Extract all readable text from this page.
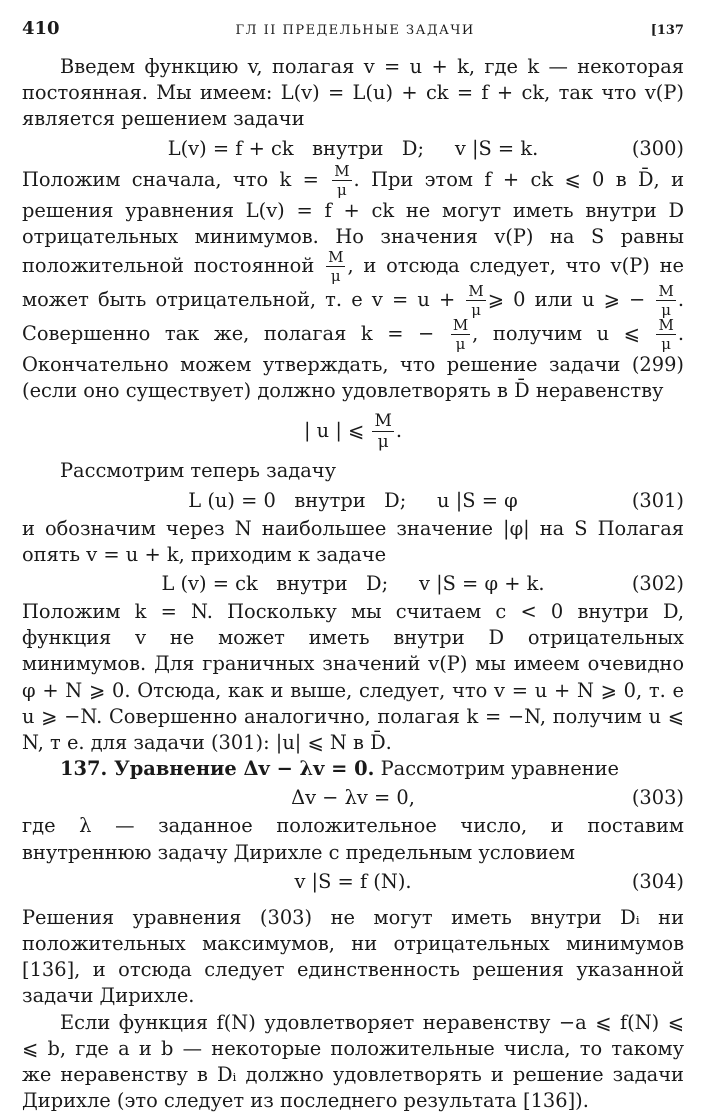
410	ГЛ II ПРЕДЕЛЬНЫЕ ЗАДАЧИ	[137

Введем функцию v, полагая v = u + k, где k — некоторая постоянная. Мы имеем: L(v) = L(u) + ck = f + ck, так что v(P) является решением задачи

L(v) = f + ck   внутри   D;     v |S = k.	(300)

Положим сначала, что $k = \frac{M}{\mu}$ . При этом f + ck ⩽ 0 в D̄, и решения уравнения L(v) = f + ck не могут иметь внутри D отрицательных минимумов. Но значения v(P) на S равны положительной постоянной $\frac{M}{\mu}$ , и отсюда следует, что v(P) не может быть отрицательной, т. е $v = u + \frac{M}{\mu}$ ⩾ 0 или u ⩾ − $\frac{M}{\mu}$ . Совершенно так же, полагая k = − $\frac{M}{\mu}$ , получим u ⩽ $\frac{M}{\mu}$ . Окончательно можем утверждать, что решение задачи (299) (если оно существует) должно удовлетворять в D̄ неравенству

| u | ⩽ $\frac{M}{\mu}$ .

Рассмотрим теперь задачу

L (u) = 0   внутри   D;     u |S = φ	(301)

и обозначим через N наибольшее значение |φ| на S Полагая опять v = u + k, приходим к задаче

L (v) = ck   внутри   D;     v |S = φ + k.	(302)

Положим k = N. Поскольку мы считаем c < 0 внутри D, функция v не может иметь внутри D отрицательных минимумов. Для граничных значений v(P) мы имеем очевидно φ + N ⩾ 0. Отсюда, как и выше, следует, что v = u + N ⩾ 0, т. е u ⩾ −N. Совершенно аналогично, полагая k = −N, получим u ⩽ N, т е. для задачи (301): |u| ⩽ N в D̄.

137. Уравнение Δv − λv = 0. Рассмотрим уравнение

Δv − λv = 0,	(303)

где λ — заданное положительное число, и поставим внутреннюю задачу Дирихле с предельным условием

v |S = f (N).	(304)

Решения уравнения (303) не могут иметь внутри Dᵢ ни положительных максимумов, ни отрицательных минимумов [136], и отсюда следует единственность решения указанной задачи Дирихле.

Если функция f(N) удовлетворяет неравенству −a ⩽ f(N) ⩽ ⩽ b, где a и b — некоторые положительные числа, то такому же неравенству в Dᵢ должно удовлетворять и решение задачи Дирихле (это следует из последнего результата [136]).
